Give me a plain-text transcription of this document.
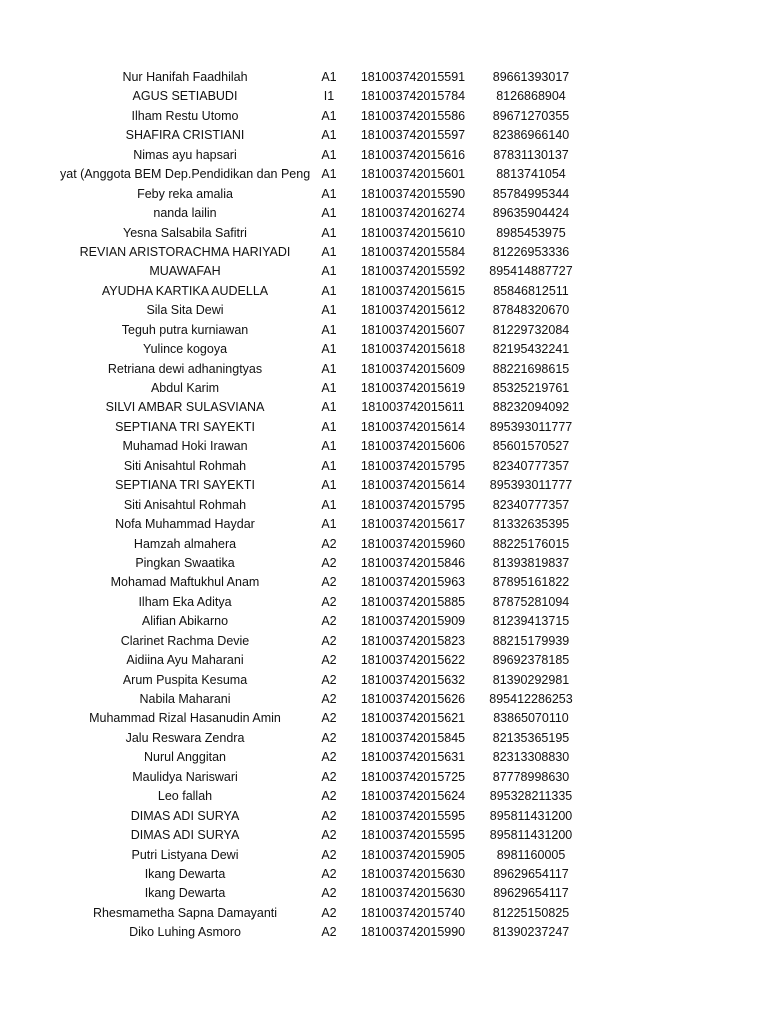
Nur Hanifah Faadhilah	A1	181003742015591	89661393017
AGUS SETIABUDI	I1	181003742015784	8126868904
Ilham Restu Utomo	A1	181003742015586	89671270355
SHAFIRA CRISTIANI	A1	181003742015597	82386966140
Nimas ayu hapsari	A1	181003742015616	87831130137
yat (Anggota BEM Dep.Pendidikan dan Peng A1	181003742015601	8813741054
Feby reka amalia	A1	181003742015590	85784995344
nanda lailin	A1	181003742016274	89635904424
Yesna Salsabila Safitri	A1	181003742015610	8985453975
REVIAN ARISTORACHMA HARIYADI	A1	181003742015584	81226953336
MUAWAFAH	A1	181003742015592	895414887727
AYUDHA KARTIKA AUDELLA	A1	181003742015615	85846812511
Sila Sita Dewi	A1	181003742015612	87848320670
Teguh putra kurniawan	A1	181003742015607	81229732084
Yulince kogoya	A1	181003742015618	82195432241
Retriana dewi adhaningtyas	A1	181003742015609	88221698615
Abdul Karim	A1	181003742015619	85325219761
SILVI AMBAR SULASVIANA	A1	181003742015611	88232094092
SEPTIANA TRI SAYEKTI	A1	181003742015614	895393011777
Muhamad Hoki Irawan	A1	181003742015606	85601570527
Siti Anisahtul Rohmah	A1	181003742015795	82340777357
SEPTIANA TRI SAYEKTI	A1	181003742015614	895393011777
Siti Anisahtul Rohmah	A1	181003742015795	82340777357
Nofa Muhammad Haydar	A1	181003742015617	81332635395
Hamzah almahera	A2	181003742015960	88225176015
Pingkan Swaatika	A2	181003742015846	81393819837
Mohamad Maftukhul Anam	A2	181003742015963	87895161822
Ilham Eka Aditya	A2	181003742015885	87875281094
Alifian Abikarno	A2	181003742015909	81239413715
Clarinet Rachma Devie	A2	181003742015823	88215179939
Aidiina Ayu Maharani	A2	181003742015622	89692378185
Arum Puspita Kesuma	A2	181003742015632	81390292981
Nabila Maharani	A2	181003742015626	895412286253
Muhammad Rizal Hasanudin Amin	A2	181003742015621	83865070110
Jalu Reswara Zendra	A2	181003742015845	82135365195
Nurul Anggitan	A2	181003742015631	82313308830
Maulidya Nariswari	A2	181003742015725	87778998630
Leo fallah	A2	181003742015624	895328211335
DIMAS ADI SURYA	A2	181003742015595	895811431200
DIMAS ADI SURYA	A2	181003742015595	895811431200
Putri Listyana Dewi	A2	181003742015905	8981160005
Ikang Dewarta	A2	181003742015630	89629654117
Ikang Dewarta	A2	181003742015630	89629654117
Rhesmametha Sapna Damayanti	A2	181003742015740	81225150825
Diko Luhing Asmoro	A2	181003742015990	81390237247
